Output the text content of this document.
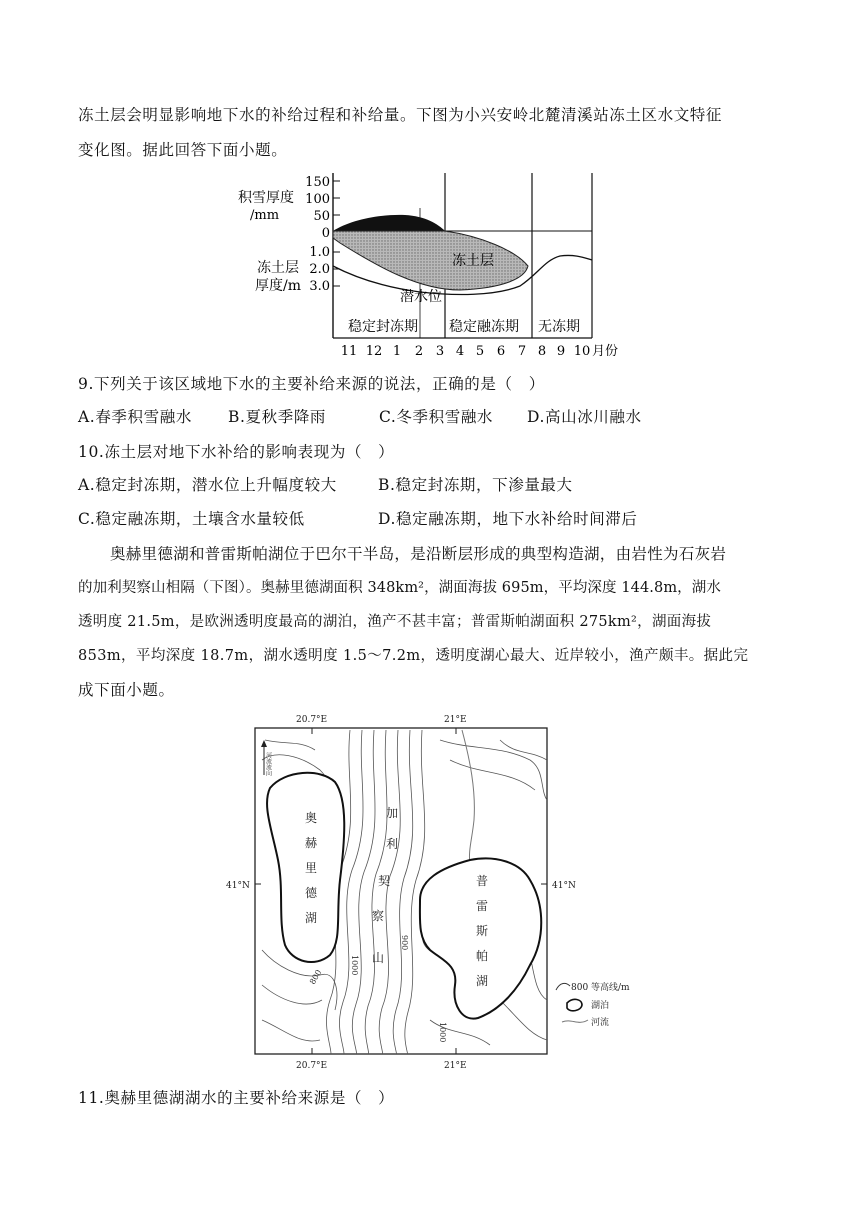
冻土层会明显影响地下水的补给过程和补给量。下图为小兴安岭北麓清溪站冻土区水文特征
变化图。据此回答下面小题。
积雪厚度
/mm
冻土层
厚度/m
150
100
50
0
1.0
2.0
3.0
冻土层
潜水位
稳定封冻期 稳定融冻期 无冻期
11 12 1 2 3 4 5 6 7 8 9 10 月份
9.下列关于该区域地下水的主要补给来源的说法，正确的是（　）
A.春季积雪融水 B.夏秋季降雨	C.冬季积雪融水 D.高山冰川融水
10.冻土层对地下水补给的影响表现为（　）
A.稳定封冻期，潜水位上升幅度较大	B.稳定封冻期，下渗量最大
C.稳定融冻期，土壤含水量较低	D.稳定融冻期，地下水补给时间滞后
奥赫里德湖和普雷斯帕湖位于巴尔干半岛，是沿断层形成的典型构造湖，由岩性为石灰岩
的加利契察山相隔（下图）。奥赫里德湖面积 348km²，湖面海拔 695m，平均深度 144.8m，湖水
透明度 21.5m，是欧洲透明度最高的湖泊，渔产不甚丰富；普雷斯帕湖面积 275km²，湖面海拔
853m，平均深度 18.7m，湖水透明度 1.5～7.2m，透明度湖心最大、近岸较小，渔产颇丰。据此完
成下面小题。
20.7°E	21°E
20.7°E	21°E
41°N	41°N
河流流向
奥
赫
里
德
湖
普
雷
斯
帕
湖
加
利
契
察
山
800
1000
900
1000
800 等高线/m
湖泊
河流
11.奥赫里德湖湖水的主要补给来源是（　）
